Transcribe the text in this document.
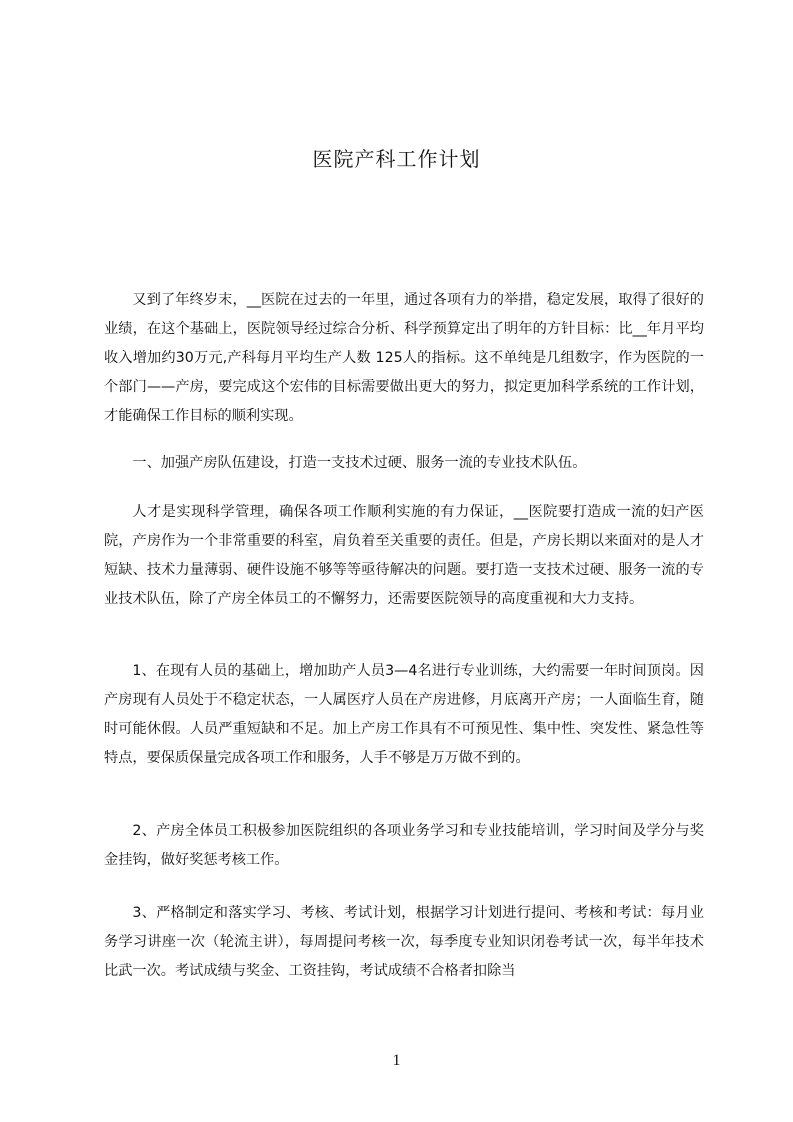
医院产科工作计划

又到了年终岁末，__医院在过去的一年里，通过各项有力的举措，稳定发展，取得了很好的业绩，在这个基础上，医院领导经过综合分析、科学预算定出了明年的方针目标：比__年月平均收入增加约30万元,产科每月平均生产人数 125人的指标。这不单纯是几组数字，作为医院的一个部门——产房，要完成这个宏伟的目标需要做出更大的努力，拟定更加科学系统的工作计划，才能确保工作目标的顺利实现。

一、加强产房队伍建设，打造一支技术过硬、服务一流的专业技术队伍。

人才是实现科学管理，确保各项工作顺利实施的有力保证，__医院要打造成一流的妇产医院，产房作为一个非常重要的科室，肩负着至关重要的责任。但是，产房长期以来面对的是人才短缺、技术力量薄弱、硬件设施不够等等亟待解决的问题。要打造一支技术过硬、服务一流的专业技术队伍，除了产房全体员工的不懈努力，还需要医院领导的高度重视和大力支持。

1、在现有人员的基础上，增加助产人员3—4名进行专业训练，大约需要一年时间顶岗。因产房现有人员处于不稳定状态，一人属医疗人员在产房进修，月底离开产房；一人面临生育，随时可能休假。人员严重短缺和不足。加上产房工作具有不可预见性、集中性、突发性、紧急性等特点，要保质保量完成各项工作和服务，人手不够是万万做不到的。

2、产房全体员工积极参加医院组织的各项业务学习和专业技能培训，学习时间及学分与奖金挂钩，做好奖惩考核工作。

3、严格制定和落实学习、考核、考试计划，根据学习计划进行提问、考核和考试：每月业务学习讲座一次（轮流主讲），每周提问考核一次，每季度专业知识闭卷考试一次，每半年技术比武一次。考试成绩与奖金、工资挂钩，考试成绩不合格者扣除当

1
